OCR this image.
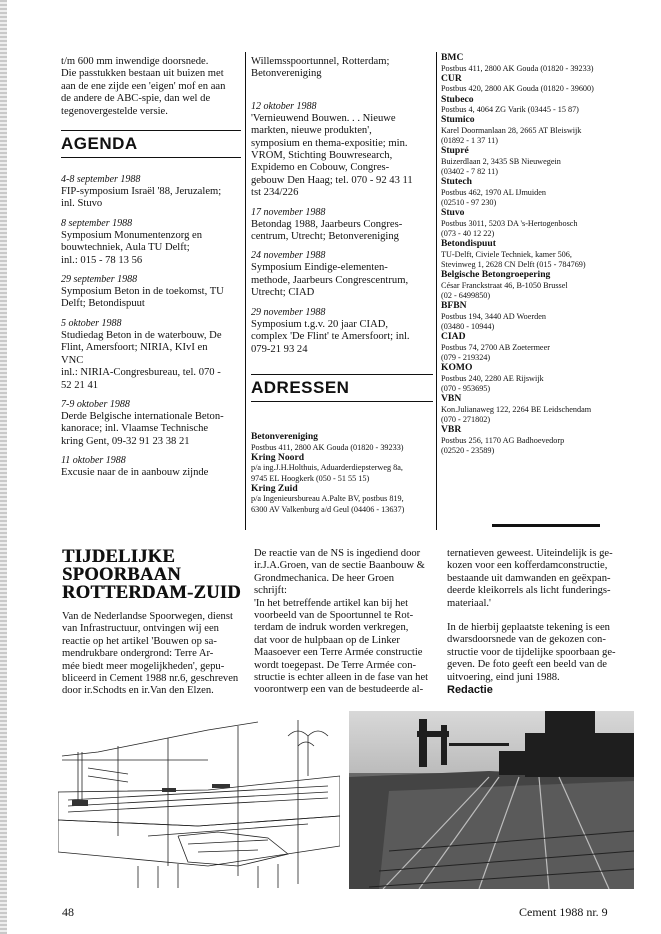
t/m 600 mm inwendige doorsnede.
Die passtukken bestaan uit buizen met
aan de ene zijde een 'eigen' mof en aan
de andere de ABC-spie, dan wel de
tegenovergestelde versie.
AGENDA
4-8 september 1988
FIP-symposium Israël '88, Jeruzalem;
inl. Stuvo
8 september 1988
Symposium Monumentenzorg en
bouwtechniek, Aula TU Delft;
inl.: 015 - 78 13 56
29 september 1988
Symposium Beton in de toekomst, TU
Delft; Betondispuut
5 oktober 1988
Studiedag Beton in de waterbouw, De
Flint, Amersfoort; NIRIA, KIvI en
VNC
inl.: NIRIA-Congresbureau, tel. 070 -
52 21 41
7-9 oktober 1988
Derde Belgische internationale Beton-
kanorace; inl. Vlaamse Technische
kring Gent, 09-32 91 23 38 21
11 oktober 1988
Excusie naar de in aanbouw zijnde
Willemsspoortunnel, Rotterdam;
Betonvereniging
12 oktober 1988
'Vernieuwend Bouwen. . . Nieuwe
markten, nieuwe produkten',
symposium en thema-expositie; min.
VROM, Stichting Bouwresearch,
Expidemo en Cobouw, Congres-
gebouw Den Haag; tel. 070 - 92 43 11
tst 234/226
17 november 1988
Betondag 1988, Jaarbeurs Congres-
centrum, Utrecht; Betonvereniging
24 november 1988
Symposium Eindige-elementen-
methode, Jaarbeurs Congrescentrum,
Utrecht; CIAD
29 november 1988
Symposium t.g.v. 20 jaar CIAD,
complex 'De Flint' te Amersfoort; inl.
079-21 93 24
ADRESSEN
Betonvereniging
Postbus 411, 2800 AK Gouda (01820 - 39233)
Kring Noord
p/a ing.J.H.Holthuis, Aduarderdiepsterweg 8a,
9745 EL Hoogkerk (050 - 51 55 15)
Kring Zuid
p/a Ingenieursbureau A.Palte BV, postbus 819,
6300 AV Valkenburg a/d Geul (04406 - 13637)
BMC
Postbus 411, 2800 AK Gouda (01820 - 39233)
CUR
Postbus 420, 2800 AK Gouda (01820 - 39600)
Stubeco
Postbus 4, 4064 ZG Varik (03445 - 15 87)
Stumico
Karel Doormanlaan 28, 2665 AT Bleiswijk
(01892 - 1 37 11)
Stupré
Buizerdlaan 2, 3435 SB Nieuwegein
(03402 - 7 82 11)
Stutech
Postbus 462, 1970 AL IJmuiden
(02510 - 97 230)
Stuvo
Postbus 3011, 5203 DA 's-Hertogenbosch
(073 - 40 12 22)
Betondispuut
TU-Delft, Civiele Techniek, kamer 506,
Stevinweg 1, 2628 CN Delft (015 - 784769)
Belgische Betongroepering
César Franckstraat 46, B-1050 Brussel
(02 - 6499850)
BFBN
Postbus 194, 3440 AD Woerden
(03480 - 10944)
CIAD
Postbus 74, 2700 AB Zoetermeer
(079 - 219324)
KOMO
Postbus 240, 2280 AE Rijswijk
(070 - 953695)
VBN
Kon.Julianaweg 122, 2264 BE Leidschendam
(070 - 271802)
VBR
Postbus 256, 1170 AG Badhoevedorp
(02520 - 23589)
TIJDELIJKE
SPOORBAAN
ROTTERDAM-ZUID
Van de Nederlandse Spoorwegen, dienst
van Infrastructuur, ontvingen wij een
reactie op het artikel 'Bouwen op sa-
mendrukbare ondergrond: Terre Ar-
mée biedt meer mogelijkheden', gepu-
bliceerd in Cement 1988 nr.6, geschreven
door ir.Schodts en ir.Van den Elzen.
De reactie van de NS is ingediend door
ir.J.A.Groen, van de sectie Baanbouw &
Grondmechanica. De heer Groen
schrijft:
'In het betreffende artikel kan bij het
voorbeeld van de Spoortunnel te Rot-
terdam de indruk worden verkregen,
dat voor de hulpbaan op de Linker
Maasoever een Terre Armée constructie
wordt toegepast. De Terre Armée con-
structie is echter alleen in de fase van het
voorontwerp een van de bestudeerde al-
ternatieven geweest. Uiteindelijk is ge-
kozen voor een kofferdamconstructie,
bestaande uit damwanden en geëxpan-
deerde kleikorrels als licht funderings-
materiaal.'
In de hierbij geplaatste tekening is een
dwarsdoorsnede van de gekozen con-
structie voor de tijdelijke spoorbaan ge-
geven. De foto geeft een beeld van de
uitvoering, eind juni 1988.
Redactie
48	Cement 1988 nr. 9
